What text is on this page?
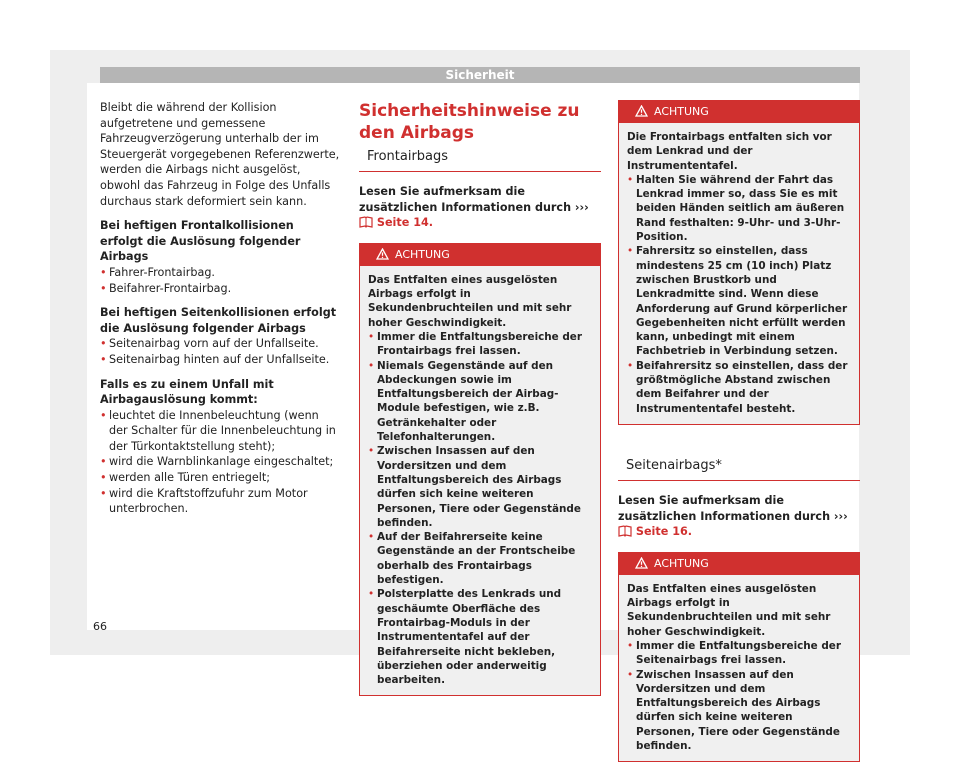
Sicherheit

Bleibt die während der Kollision aufgetretene und gemessene Fahrzeugverzögerung unterhalb der im Steuergerät vorgegebenen Referenzwerte, werden die Airbags nicht ausgelöst, obwohl das Fahrzeug in Folge des Unfalls durchaus stark deformiert sein kann.

Bei heftigen Frontalkollisionen erfolgt die Auslösung folgender Airbags

• Fahrer-Frontairbag.

• Beifahrer-Frontairbag.

Bei heftigen Seitenkollisionen erfolgt die Auslösung folgender Airbags

• Seitenairbag vorn auf der Unfallseite.

• Seitenairbag hinten auf der Unfallseite.

Falls es zu einem Unfall mit Airbagauslösung kommt:

• leuchtet die Innenbeleuchtung (wenn der Schalter für die Innenbeleuchtung in der Türkontaktstellung steht);

• wird die Warnblinkanlage eingeschaltet;

• werden alle Türen entriegelt;

• wird die Kraftstoffzufuhr zum Motor unterbrochen.

Sicherheitshinweise zu den Airbags
Frontairbags

Lesen Sie aufmerksam die zusätzlichen Informationen durch ›››  Seite 14.

ACHTUNG

Das Entfalten eines ausgelösten Airbags erfolgt in Sekundenbruchteilen und mit sehr hoher Geschwindigkeit.

• Immer die Entfaltungsbereiche der Frontairbags frei lassen.

• Niemals Gegenstände auf den Abdeckungen sowie im Entfaltungsbereich der Airbag-Module befestigen, wie z.B. Getränkehalter oder Telefonhalterungen.

• Zwischen Insassen auf den Vordersitzen und dem Entfaltungsbereich des Airbags dürfen sich keine weiteren Personen, Tiere oder Gegenstände befinden.

• Auf der Beifahrerseite keine Gegenstände an der Frontscheibe oberhalb des Frontairbags befestigen.

• Polsterplatte des Lenkrads und geschäumte Oberfläche des Frontairbag-Moduls in der Instrumententafel auf der Beifahrerseite nicht bekleben, überziehen oder anderweitig bearbeiten.

ACHTUNG

Die Frontairbags entfalten sich vor dem Lenkrad und der Instrumententafel.

• Halten Sie während der Fahrt das Lenkrad immer so, dass Sie es mit beiden Händen seitlich am äußeren Rand festhalten: 9-Uhr- und 3-Uhr-Position.

• Fahrersitz so einstellen, dass mindestens 25 cm (10 inch) Platz zwischen Brustkorb und Lenkradmitte sind. Wenn diese Anforderung auf Grund körperlicher Gegebenheiten nicht erfüllt werden kann, unbedingt mit einem Fachbetrieb in Verbindung setzen.

• Beifahrersitz so einstellen, dass der größtmögliche Abstand zwischen dem Beifahrer und der Instrumententafel besteht.

Seitenairbags*

Lesen Sie aufmerksam die zusätzlichen Informationen durch ›››  Seite 16.

ACHTUNG

Das Entfalten eines ausgelösten Airbags erfolgt in Sekundenbruchteilen und mit sehr hoher Geschwindigkeit.

• Immer die Entfaltungsbereiche der Seitenairbags frei lassen.

• Zwischen Insassen auf den Vordersitzen und dem Entfaltungsbereich des Airbags dürfen sich keine weiteren Personen, Tiere oder Gegenstände befinden.

66
